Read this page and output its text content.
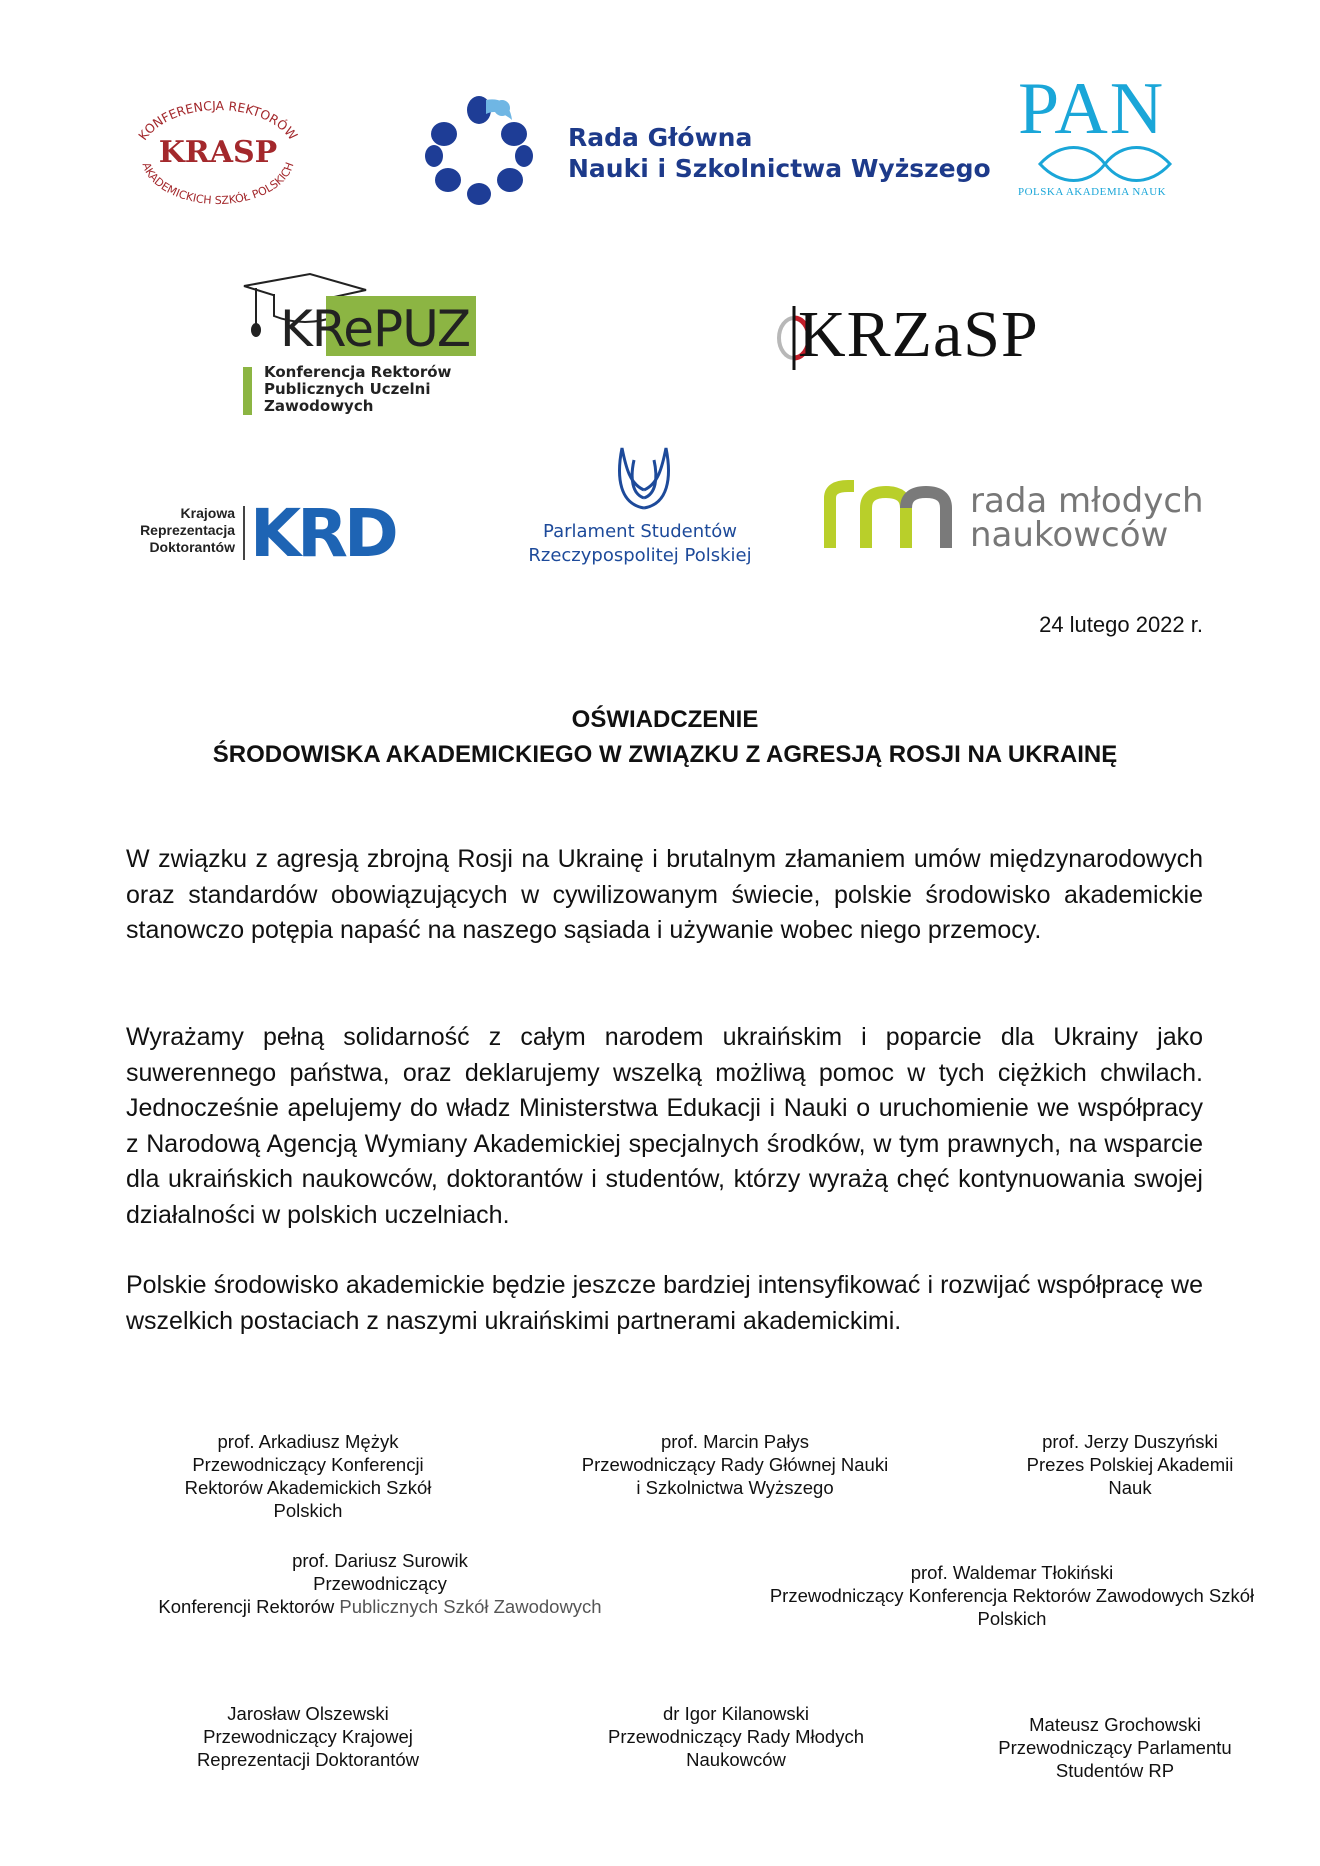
KONFERENCJA REKTORÓW
AKADEMICKICH SZKÓŁ POLSKICH
KRASP	Rada Główna
Nauki i Szkolnictwa Wyższego
PAN
POLSKA AKADEMIA NAUK
KRePUZ
Konferencja Rektorów
Publicznych Uczelni
Zawodowych
KRZaSP
Krajowa
Reprezentacja
Doktorantów KRD	Parlament Studentów
Rzeczypospolitej Polskiej
rada młodych
naukowców
24 lutego 2022 r.
OŚWIADCZENIE
ŚRODOWISKA AKADEMICKIEGO W ZWIĄZKU Z AGRESJĄ ROSJI NA UKRAINĘ
W związku z agresją zbrojną Rosji na Ukrainę i brutalnym złamaniem umów międzynarodowych oraz standardów obowiązujących w cywilizowanym świecie, polskie środowisko akademickie stanowczo potępia napaść na naszego sąsiada i używanie wobec niego przemocy.
Wyrażamy pełną solidarność z całym narodem ukraińskim i poparcie dla Ukrainy jako suwerennego państwa, oraz deklarujemy wszelką możliwą pomoc w tych ciężkich chwilach. Jednocześnie apelujemy do władz Ministerstwa Edukacji i Nauki o uruchomienie we współpracy z Narodową Agencją Wymiany Akademickiej specjalnych środków, w tym prawnych, na wsparcie dla ukraińskich naukowców, doktorantów i studentów, którzy wyrażą chęć kontynuowania swojej działalności w polskich uczelniach.
Polskie środowisko akademickie będzie jeszcze bardziej intensyfikować i rozwijać współpracę we wszelkich postaciach z naszymi ukraińskimi partnerami akademickimi.
prof. Arkadiusz Mężyk
Przewodniczący Konferencji
Rektorów Akademickich Szkół
Polskich
prof. Marcin Pałys
Przewodniczący Rady Głównej Nauki
i Szkolnictwa Wyższego
prof. Jerzy Duszyński
Prezes Polskiej Akademii
Nauk
prof. Dariusz Surowik
Przewodniczący
Konferencji Rektorów Publicznych Szkół Zawodowych
prof. Waldemar Tłokiński
Przewodniczący Konferencja Rektorów Zawodowych Szkół
Polskich
Jarosław Olszewski
Przewodniczący Krajowej
Reprezentacji Doktorantów
dr Igor Kilanowski
Przewodniczący Rady Młodych
Naukowców
Mateusz Grochowski
Przewodniczący Parlamentu
Studentów RP
